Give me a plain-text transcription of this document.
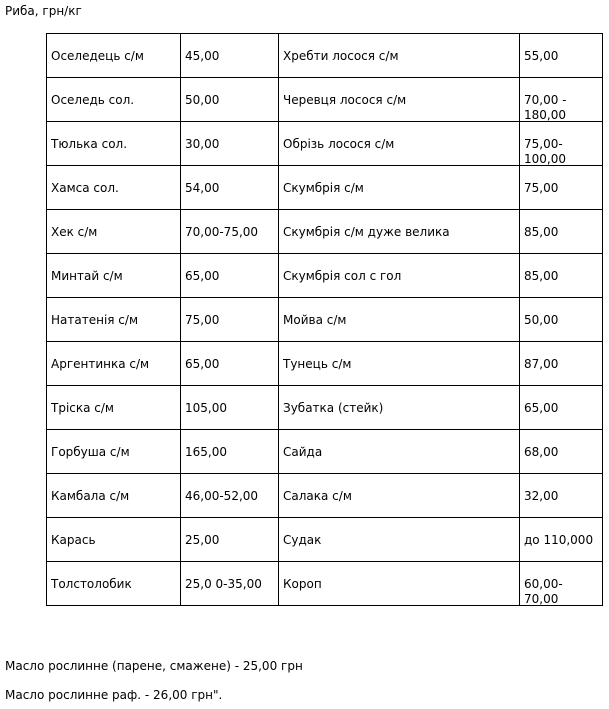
Риба, грн/кг
Оселедець с/м	45,00	Хребти лосося с/м	55,00

Оселедь сол.	50,00	Черевця лосося с/м	70,00 - 180,00

Тюлька сол.	30,00	Обрізь лосося с/м	75,00-100,00

Хамса сол.	54,00	Скумбрія с/м	75,00

Хек с/м	70,00-75,00	Скумбрія с/м дуже велика	85,00

Минтай с/м	65,00	Скумбрія сол с гол	85,00

Нататенія с/м	75,00	Мойва с/м	50,00

Аргентинка с/м	65,00	Тунець с/м	87,00

Тріска с/м	105,00	Зубатка (стейк)	65,00

Горбуша с/м	165,00	Сайда	68,00

Камбала с/м	46,00-52,00	Салака с/м	32,00

Карась	25,00	Судак	до 110,000

Толстолобик	25,0 0-35,00	Короп	60,00-70,00
Масло рослинне (парене, смажене) - 25,00 грн
Масло рослинне раф. - 26,00 грн".
